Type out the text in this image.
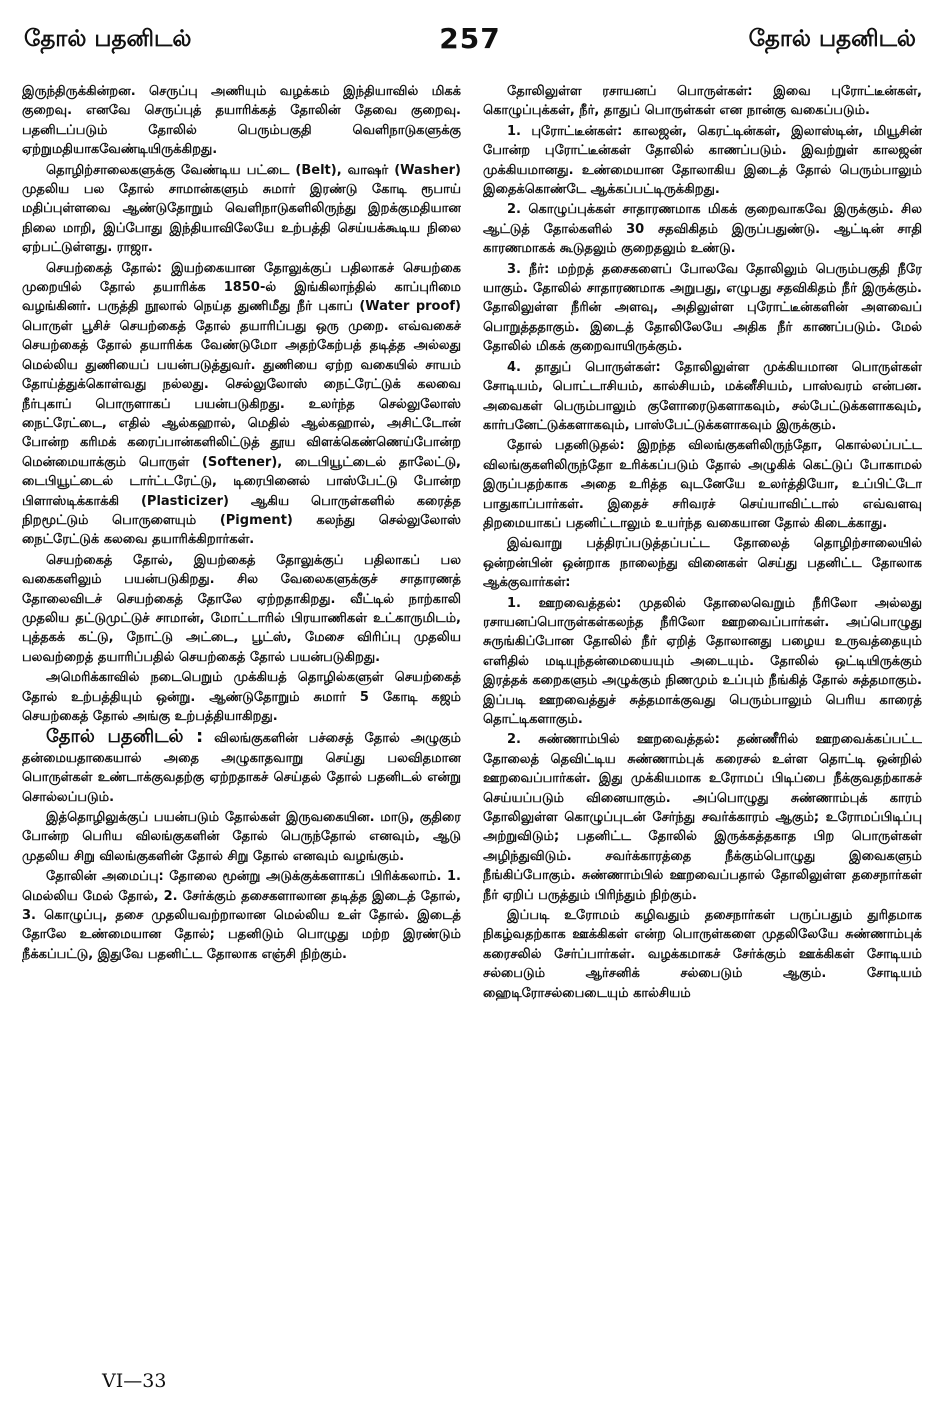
தோல் பதனிடல்	257	தோல் பதனிடல்

இருந்திருக்கின்றன. செருப்பு அணியும் வழக்கம் இந்தியாவில் மிகக் குறைவு. எனவே செருப்புத் தயாரிக்கத் தோலின் தேவை குறைவு. பதனிடப்படும் தோலில் பெரும்பகுதி வெளிநாடுகளுக்கு ஏற்றுமதியாகவேண்டியிருக்கிறது.

தொழிற்சாலைகளுக்கு வேண்டிய பட்டை (Belt), வாஷர் (Washer) முதலிய பல தோல் சாமான்களும் சுமார் இரண்டு கோடி ரூபாய் மதிப்புள்ளவை ஆண்டுதோறும் வெளிநாடுகளிலிருந்து இறக்குமதியான நிலை மாறி, இப்போது இந்தியாவிலேயே உற்பத்தி செய்யக்கூடிய நிலை ஏற்பட்டுள்ளது. ராஜா.

செயற்கைத் தோல்: இயற்கையான தோலுக்குப் பதிலாகச் செயற்கை முறையில் தோல் தயாரிக்க 1850-ல் இங்கிலாந்தில் காப்புரிமை வழங்கினர். பருத்தி நூலால் நெய்த துணிமீது நீர் புகாப் (Water proof) பொருள் பூசிச் செயற்கைத் தோல் தயாரிப்பது ஒரு முறை. எவ்வகைச் செயற்கைத் தோல் தயாரிக்க வேண்டுமோ அதற்கேற்பத் தடித்த அல்லது மெல்லிய துணியைப் பயன்படுத்துவர். துணியை ஏற்ற வகையில் சாயம் தோய்த்துக்கொள்வது நல்லது. செல்லுலோஸ் நைட்ரேட்டுக் கலவை நீர்புகாப் பொருளாகப் பயன்படுகிறது. உலர்ந்த செல்லுலோஸ் நைட்ரேட்டை, எதில் ஆல்கஹால், மெதில் ஆல்கஹால், அசிட்டோன் போன்ற கரிமக் கரைப்பான்களிலிட்டுத் தூய விளக்கெண்ணெய்போன்ற மென்மையாக்கும் பொருள் (Softener), டைபியூட்டைல் தாலேட்டு, டைபியூட்டைல் டார்ட்டரேட்டு, டிரைபினைல் பாஸ்பேட்டு போன்ற பிளாஸ்டிக்காக்கி (Plasticizer) ஆகிய பொருள்களில் கரைத்த நிறமூட்டும் பொருளையும் (Pigment) கலந்து செல்லுலோஸ் நைட்ரேட்டுக் கலவை தயாரிக்கிறார்கள்.

செயற்கைத் தோல், இயற்கைத் தோலுக்குப் பதிலாகப் பல வகைகளிலும் பயன்படுகிறது. சில வேலைகளுக்குச் சாதாரணத் தோலைவிடச் செயற்கைத் தோலே ஏற்றதாகிறது. வீட்டில் நாற்காலி முதலிய தட்டுமுட்டுச் சாமான், மோட்டாரில் பிரயாணிகள் உட்காருமிடம், புத்தகக் கட்டு, நோட்டு அட்டை, பூட்ஸ், மேசை விரிப்பு முதலிய பலவற்றைத் தயாரிப்பதில் செயற்கைத் தோல் பயன்படுகிறது.

அமெரிக்காவில் நடைபெறும் முக்கியத் தொழில்களுள் செயற்கைத் தோல் உற்பத்தியும் ஒன்று. ஆண்டுதோறும் சுமார் 5 கோடி கஜம் செயற்கைத் தோல் அங்கு உற்பத்தியாகிறது.

தோல் பதனிடல் : விலங்குகளின் பச்சைத் தோல் அழுகும் தன்மையதாகையால் அதை அழுகாதவாறு செய்து பலவிதமான பொருள்கள் உண்டாக்குவதற்கு ஏற்றதாகச் செய்தல் தோல் பதனிடல் என்று சொல்லப்படும்.

இத்தொழிலுக்குப் பயன்படும் தோல்கள் இருவகையின. மாடு, குதிரை போன்ற பெரிய விலங்குகளின் தோல் பெருந்தோல் எனவும், ஆடு முதலிய சிறு விலங்குகளின் தோல் சிறு தோல் எனவும் வழங்கும்.

தோலின் அமைப்பு: தோலை மூன்று அடுக்குக்களாகப் பிரிக்கலாம். 1. மெல்லிய மேல் தோல், 2. சேர்க்கும் தசைகளாலான தடித்த இடைத் தோல், 3. கொழுப்பு, தசை முதலியவற்றாலான மெல்லிய உள் தோல். இடைத் தோலே உண்மையான தோல்; பதனிடும் பொழுது மற்ற இரண்டும் நீக்கப்பட்டு, இதுவே பதனிட்ட தோலாக எஞ்சி நிற்கும்.

தோலிலுள்ள ரசாயனப் பொருள்கள்: இவை புரோட்டீன்கள், கொழுப்புக்கள், நீர், தாதுப் பொருள்கள் என நான்கு வகைப்படும்.

1. புரோட்டீன்கள்: காலஜன், கெரட்டின்கள், இலாஸ்டின், மியூசின் போன்ற புரோட்டீன்கள் தோலில் காணப்படும். இவற்றுள் காலஜன் முக்கியமானது. உண்மையான தோலாகிய இடைத் தோல் பெரும்பாலும் இதைக்கொண்டே ஆக்கப்பட்டிருக்கிறது.

2. கொழுப்புக்கள் சாதாரணமாக மிகக் குறைவாகவே இருக்கும். சில ஆட்டுத் தோல்களில் 30 சதவிகிதம் இருப்பதுண்டு. ஆட்டின் சாதி காரணமாகக் கூடுதலும் குறைதலும் உண்டு.

3. நீர்: மற்றத் தசைகளைப் போலவே தோலிலும் பெரும்பகுதி நீரே யாகும். தோலில் சாதாரணமாக அறுபது, எழுபது சதவிகிதம் நீர் இருக்கும். தோலிலுள்ள நீரின் அளவு, அதிலுள்ள புரோட்டீன்களின் அளவைப் பொறுத்ததாகும். இடைத் தோலிலேயே அதிக நீர் காணப்படும். மேல் தோலில் மிகக் குறைவாயிருக்கும்.

4. தாதுப் பொருள்கள்: தோலிலுள்ள முக்கியமான பொருள்கள் சோடியம், பொட்டாசியம், கால்சியம், மக்னீசியம், பாஸ்வரம் என்பன. அவைகள் பெரும்பாலும் குளோரைடுகளாகவும், சல்பேட்டுக்களாகவும், கார்பனேட்டுக்களாகவும், பாஸ்பேட்டுக்களாகவும் இருக்கும்.

தோல் பதனிடுதல்: இறந்த விலங்குகளிலிருந்தோ, கொல்லப்பட்ட விலங்குகளிலிருந்தோ உரிக்கப்படும் தோல் அழுகிக் கெட்டுப் போகாமல் இருப்பதற்காக அதை உரித்த வுடனேயே உலர்த்தியோ, உப்பிட்டோ பாதுகாப்பார்கள். இதைச் சரிவரச் செய்யாவிட்டால் எவ்வளவு திறமையாகப் பதனிட்டாலும் உயர்ந்த வகையான தோல் கிடைக்காது.

இவ்வாறு பத்திரப்படுத்தப்பட்ட தோலைத் தொழிற்சாலையில் ஒன்றன்பின் ஒன்றாக நாலைந்து வினைகள் செய்து பதனிட்ட தோலாக ஆக்குவார்கள்:

1. ஊறவைத்தல்: முதலில் தோலைவெறும் நீரிலோ அல்லது ரசாயனப்பொருள்கள்கலந்த நீரிலோ ஊறவைப்பார்கள். அப்பொழுது சுருங்கிப்போன தோலில் நீர் ஏறித் தோலானது பழைய உருவத்தையும் எளிதில் மடியுந்தன்மையையும் அடையும். தோலில் ஒட்டியிருக்கும் இரத்தக் கறைகளும் அழுக்கும் நிணமும் உப்பும் நீங்கித் தோல் சுத்தமாகும். இப்படி ஊறவைத்துச் சுத்தமாக்குவது பெரும்பாலும் பெரிய காரைத் தொட்டிகளாகும்.

2. சுண்ணாம்பில் ஊறவைத்தல்: தண்ணீரில் ஊறவைக்கப்பட்ட தோலைத் தெவிட்டிய சுண்ணாம்புக் கரைசல் உள்ள தொட்டி ஒன்றில் ஊறவைப்பார்கள். இது முக்கியமாக உரோமப் பிடிப்பை நீக்குவதற்காகச் செய்யப்படும் வினையாகும். அப்பொழுது சுண்ணாம்புக் காரம் தோலிலுள்ள கொழுப்புடன் சேர்ந்து சவர்க்காரம் ஆகும்; உரோமப்பிடிப்பு அற்றுவிடும்; பதனிட்ட தோலில் இருக்கத்தகாத பிற பொருள்கள் அழிந்துவிடும். சவர்க்காரத்தை நீக்கும்பொழுது இவைகளும் நீங்கிப்போகும். சுண்ணாம்பில் ஊறவைப்பதால் தோலிலுள்ள தசைநார்கள் நீர் ஏறிப் பருத்தும் பிரிந்தும் நிற்கும்.

இப்படி உரோமம் கழிவதும் தசைநார்கள் பருப்பதும் துரிதமாக நிகழ்வதற்காக ஊக்கிகள் என்ற பொருள்களை முதலிலேயே சுண்ணாம்புக் கரைசலில் சேர்ப்பார்கள். வழக்கமாகச் சேர்க்கும் ஊக்கிகள் சோடியம் சல்பைடும் ஆர்சனிக் சல்பைடும் ஆகும். சோடியம் ஹைடிரோசல்பைடையும் கால்சியம்

VI—33
